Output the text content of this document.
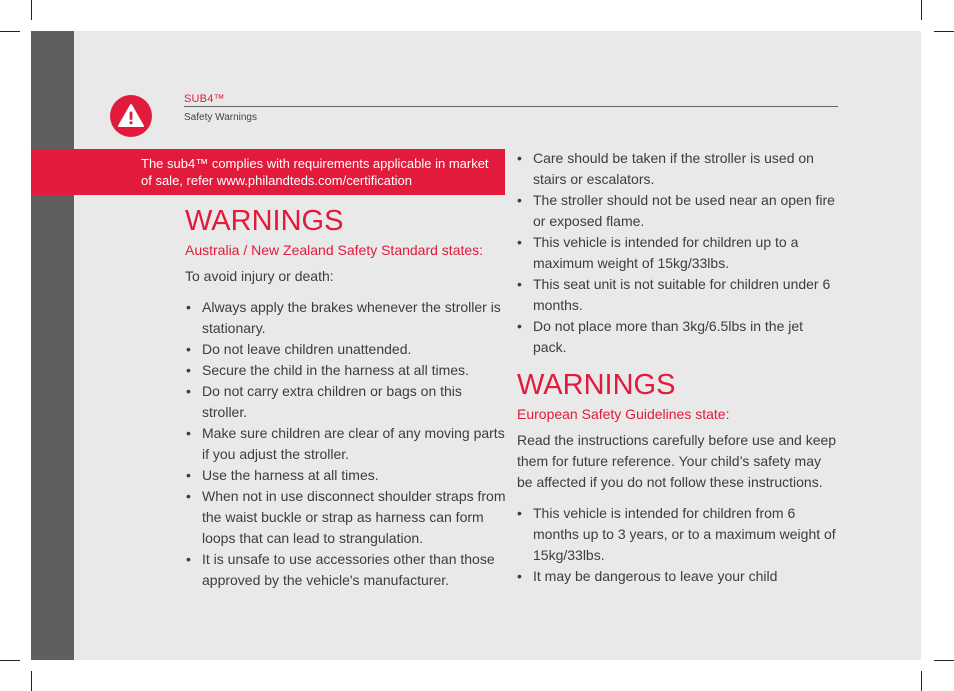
SUB4™
Safety Warnings
The sub4™ complies with requirements applicable in market of sale, refer www.philandteds.com/certification
WARNINGS
Australia / New Zealand Safety Standard states:
To avoid injury or death:
• Always apply the brakes whenever the stroller is stationary.
• Do not leave children unattended.
• Secure the child in the harness at all times.
• Do not carry extra children or bags on this stroller.
• Make sure children are clear of any moving parts if you adjust the stroller.
• Use the harness at all times.
• When not in use disconnect shoulder straps from the waist buckle or strap as harness can form loops that can lead to strangulation.
• It is unsafe to use accessories other than those approved by the vehicle's manufacturer.
• Care should be taken if the stroller is used on stairs or escalators.
• The stroller should not be used near an open fire or exposed flame.
• This vehicle is intended for children up to a maximum weight of 15kg/33lbs.
• This seat unit is not suitable for children under 6 months.
• Do not place more than 3kg/6.5lbs in the jet pack.
WARNINGS
European Safety Guidelines state:
Read the instructions carefully before use and keep them for future reference. Your child’s safety may be affected if you do not follow these instructions.
• This vehicle is intended for children from 6 months up to 3 years, or to a maximum weight of 15kg/33lbs.
• It may be dangerous to leave your child
